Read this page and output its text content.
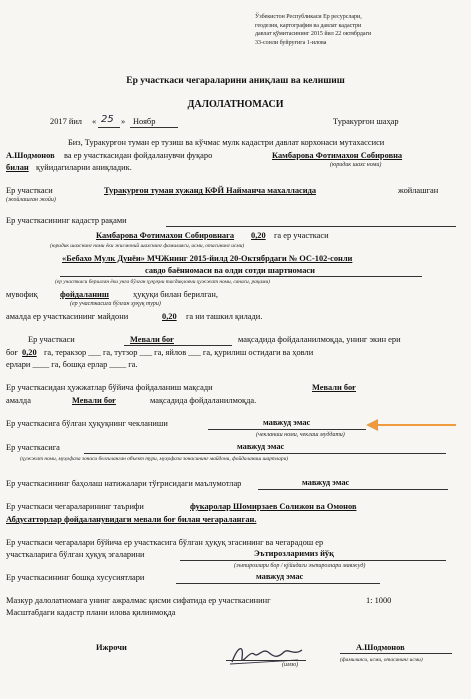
Ўзбекистон Республикаси Ер ресурслари,
геодезия, картография ва давлат кадастри
давлат қўмитасининг 2015 йил 22 октябрдаги
33-сонли буйруғига 1-илова
Ер участкаси чегараларини аниқлаш ва келишиш
ДАЛОЛАТНОМАСИ
2017 йил « 25 » Ноябр	Туракурғон шаҳар
Биз, Туракурғон туман ер тузиш ва кўчмас мулк кадастри давлат корхонаси мутахассиси
А.Шодмонов ва ер участкасидан фойдаланувчи фуқаро	Камбарова Фотимахон Собировна
(юридик шахс номи)
билан қуйидагиларни аниқладик.
Ер участкаси	Туракурғон туман хужанд КФЙ Найманча махалласида	жойлашган
(жойлашган жойи)
Ер участкасининг кадастр рақами
Камбарова Фотимахон Собировнага 0,20 га ер участкаси
(юридик шахснинг номи ёки жисмоний шахснинг фамилияси, исми, отасининг исми)
«Бебахо Мулк Дунёи» МЧЖнинг 2015-йилд 20-Октябрдаги № ОС-102-сонли
савдо баённомаси ва олди сотди шартномаси
(ер участкаси берилган ёки унга бўлган ҳуқуқни тасдиқловчи ҳужжат номи, санаси, рақами)
мувофиқ	фойдаланиш	ҳуқуқи билан берилган,
(ер участкасига бўлган ҳуқуқ тури)
амалда ер участкасининг майдони	0,20 га ни ташкил қилади.
Ер участкаси	Мевали боғ	мақсадида фойдаланилмоқда, унинг экин ери
боғ 0,20 га, теракзор ___ га, тутзор ___ га, яйлов ___ га, қурилиш остидаги ва ҳовли
ерлари ____ га, бошқа ерлар ____ га.
Ер участкасидан ҳужжатлар бўйича фойдаланиш мақсади	Мевали боғ
амалда	Мевали боғ	мақсадида фойдаланилмоқда.
Ер участкасига бўлган ҳуқуқнинг чекланиши	мавжуд эмас
(чекланиш номи, чеклаш муддати)
Ер участкасига	мавжуд эмас
(ҳужжат номи, муҳофаза зонаси белгиланган объект тури, муҳофаза зонасининг майдони, фойдаланиш шартлари)
Ер участкасининг баҳолаш натижалари тўғрисидаги маълумотлар	мавжуд эмас
Ер участкаси чегараларининг таърифи	фукаролар Шомирзаев Солижон ва Омонов
Абдусатторлар фойдаланувидаги мевали боғ билан чегараланган.
Ер участкаси чегаралари бўйича ер участкасига бўлган ҳуқуқ эгасининг ва чегарадош ер
участкаларига бўлган ҳуқуқ эгаларини	Эътирозларимиз йўқ
(эътирозлари бор / қўйидаги эътирозлари мавжуд)
Ер участкасининг бошқа хусусиятлари	мавжуд эмас
Мазкур далолатномага унинг ажралмас қисми сифатида ер участкасининг	1: 1000
Масштабдаги кадастр плани илова қилинмоқда
Ижрочи
(имзо)
А.Шодмонов
(фамилияси, исми, отасининг исми)
